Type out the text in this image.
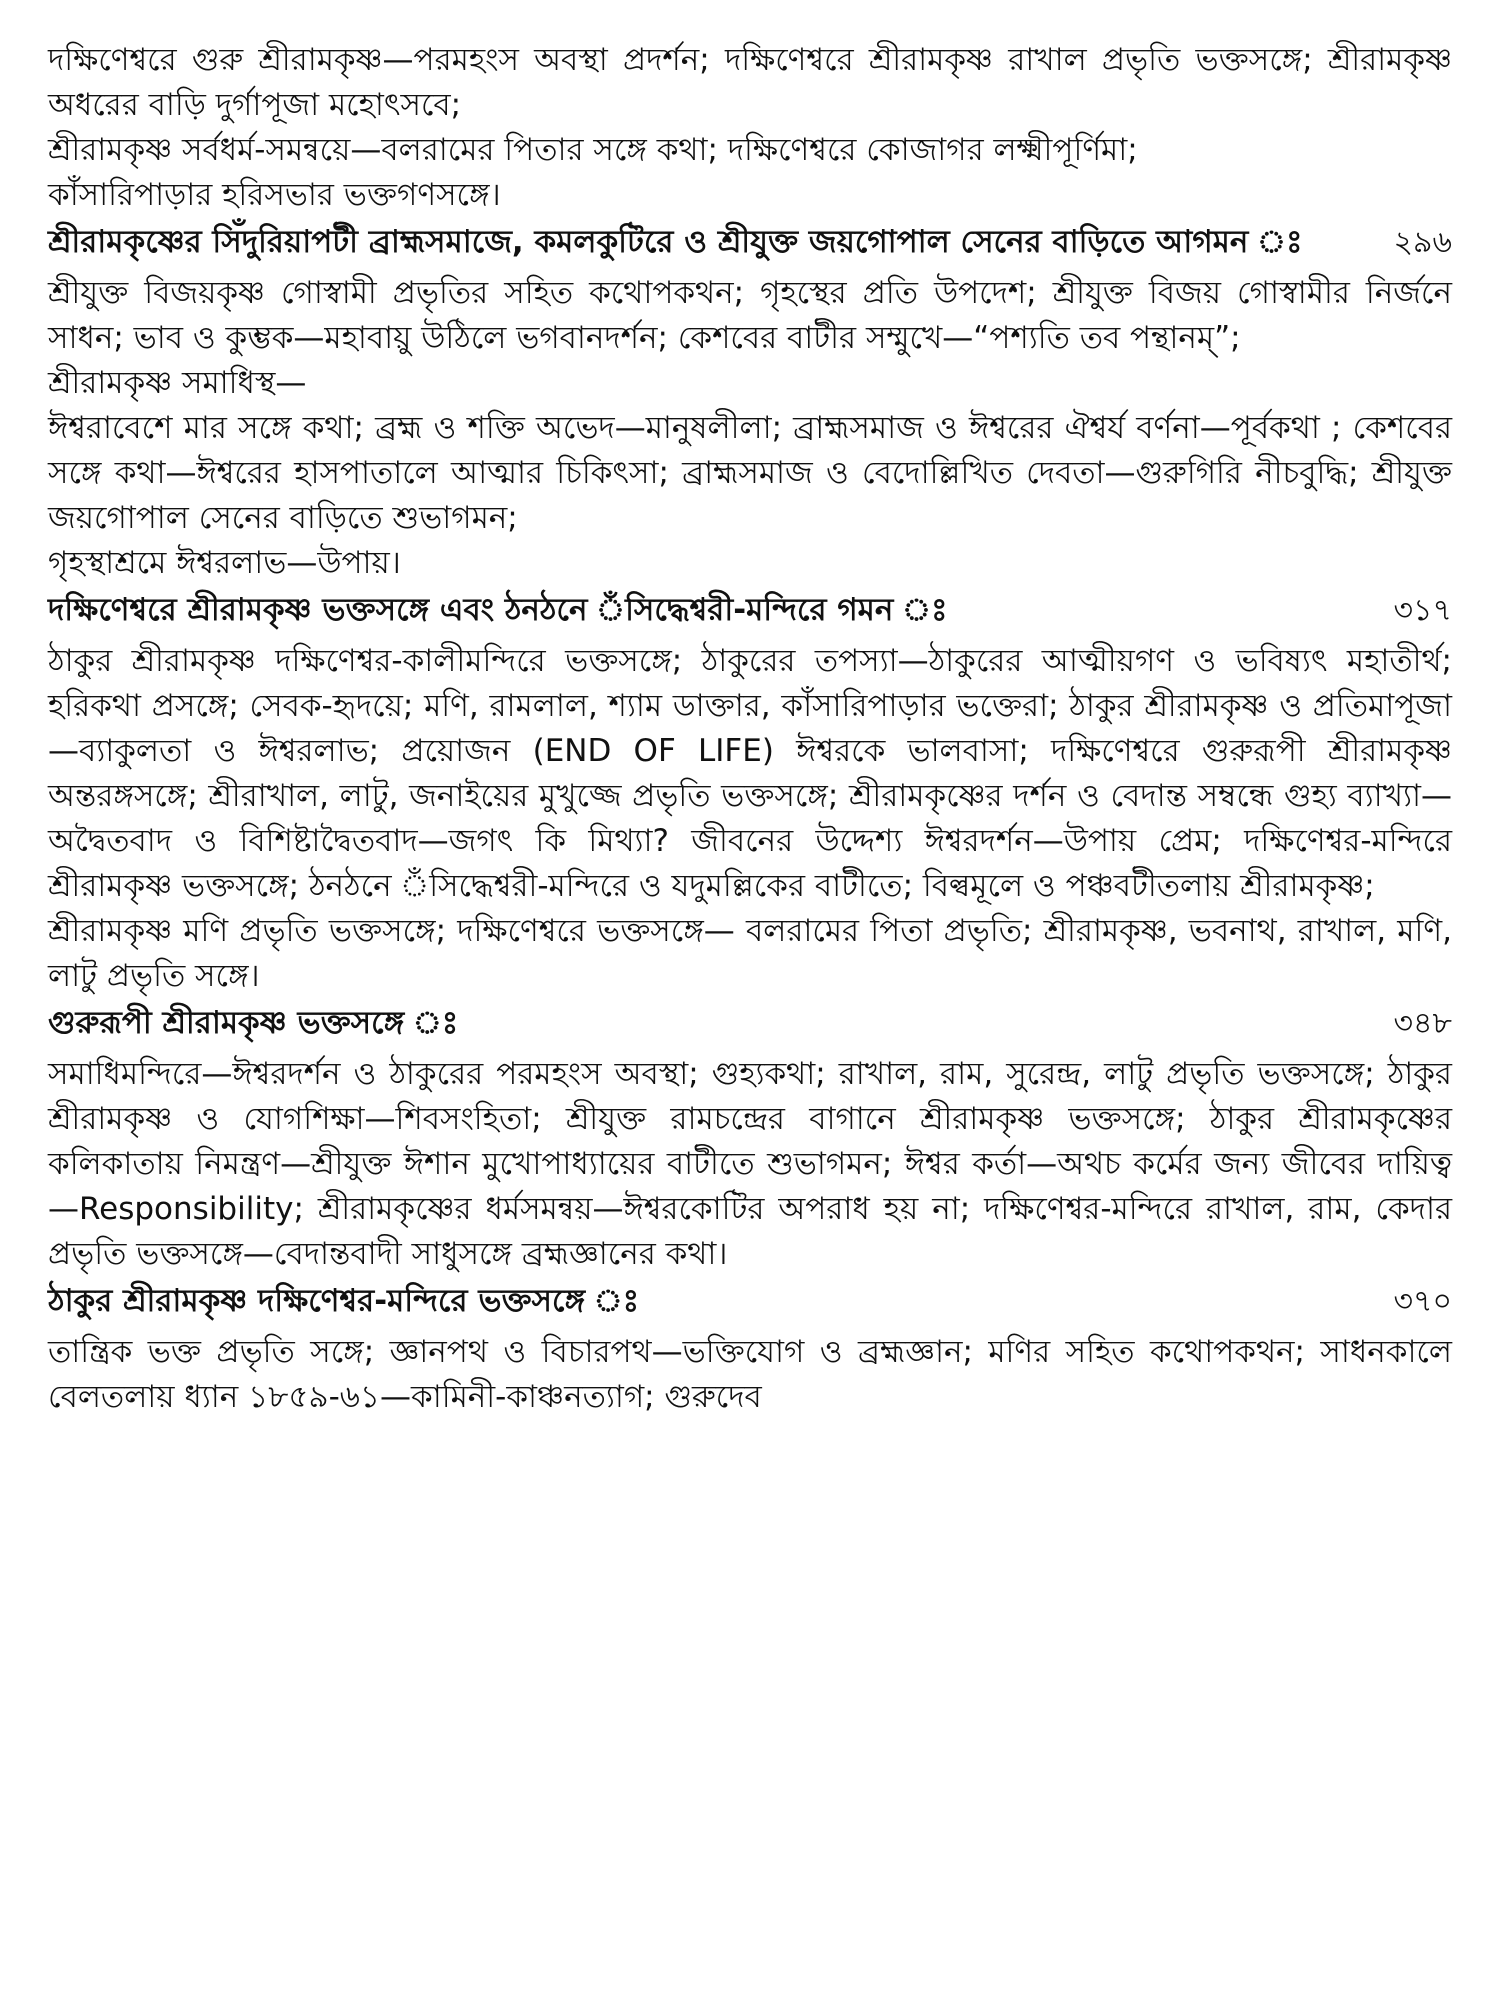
দক্ষিণেশ্বরে গুরু শ্রীরামকৃষ্ণ—পরমহংস অবস্থা প্রদর্শন; দক্ষিণেশ্বরে শ্রীরামকৃষ্ণ রাখাল প্রভৃতি ভক্তসঙ্গে; শ্রীরামকৃষ্ণ অধরের বাড়ি দুর্গাপূজা মহোৎসবে;

শ্রীরামকৃষ্ণ সর্বধর্ম-সমন্বয়ে—বলরামের পিতার সঙ্গে কথা; দক্ষিণেশ্বরে কোজাগর লক্ষ্মীপূর্ণিমা;

কাঁসারিপাড়ার হরিসভার ভক্তগণসঙ্গে।

২৯৬
শ্রীরামকৃষ্ণের সিঁদুরিয়াপটী ব্রাহ্মসমাজে, কমলকুটিরে ও শ্রীযুক্ত জয়গোপাল সেনের বাড়িতে আগমন ঃ

শ্রীযুক্ত বিজয়কৃষ্ণ গোস্বামী প্রভৃতির সহিত কথোপকথন; গৃহস্থের প্রতি উপদেশ; শ্রীযুক্ত বিজয় গোস্বামীর নির্জনে সাধন; ভাব ও কুম্ভক—মহাবায়ু উঠিলে ভগবানদর্শন; কেশবের বাটীর সম্মুখে—“পশ্যতি তব পন্থানম্”;

শ্রীরামকৃষ্ণ সমাধিস্থ—

ঈশ্বরাবেশে মার সঙ্গে কথা; ব্রহ্ম ও শক্তি অভেদ—মানুষলীলা; ব্রাহ্মসমাজ ও ঈশ্বরের ঐশ্বর্য বর্ণনা—পূর্বকথা ; কেশবের সঙ্গে কথা—ঈশ্বরের হাসপাতালে আত্মার চিকিৎসা; ব্রাহ্মসমাজ ও বেদোল্লিখিত দেবতা—গুরুগিরি নীচবুদ্ধি; শ্রীযুক্ত জয়গোপাল সেনের বাড়িতে শুভাগমন;

গৃহস্থাশ্রমে ঈশ্বরলাভ—উপায়।

৩১৭
দক্ষিণেশ্বরে শ্রীরামকৃষ্ণ ভক্তসঙ্গে এবং ঠনঠনে ঁসিদ্ধেশ্বরী-মন্দিরে গমন ঃ

ঠাকুর শ্রীরামকৃষ্ণ দক্ষিণেশ্বর-কালীমন্দিরে ভক্তসঙ্গে; ঠাকুরের তপস্যা—ঠাকুরের আত্মীয়গণ ও ভবিষ্যৎ মহাতীর্থ; হরিকথা প্রসঙ্গে; সেবক-হৃদয়ে; মণি, রামলাল, শ্যাম ডাক্তার, কাঁসারিপাড়ার ভক্তেরা; ঠাকুর শ্রীরামকৃষ্ণ ও প্রতিমাপূজা—ব্যাকুলতা ও ঈশ্বরলাভ; প্রয়োজন (END OF LIFE) ঈশ্বরকে ভালবাসা; দক্ষিণেশ্বরে গুরুরূপী শ্রীরামকৃষ্ণ অন্তরঙ্গসঙ্গে; শ্রীরাখাল, লাটু, জনাইয়ের মুখুজ্জে প্রভৃতি ভক্তসঙ্গে; শ্রীরামকৃষ্ণের দর্শন ও বেদান্ত সম্বন্ধে গুহ্য ব্যাখ্যা— অদ্বৈতবাদ ও বিশিষ্টাদ্বৈতবাদ—জগৎ কি মিথ্যা? জীবনের উদ্দেশ্য ঈশ্বরদর্শন—উপায় প্রেম; দক্ষিণেশ্বর-মন্দিরে শ্রীরামকৃষ্ণ ভক্তসঙ্গে; ঠনঠনে ঁসিদ্ধেশ্বরী-মন্দিরে ও যদুমল্লিকের বাটীতে; বিল্বমূলে ও পঞ্চবটীতলায় শ্রীরামকৃষ্ণ;

শ্রীরামকৃষ্ণ মণি প্রভৃতি ভক্তসঙ্গে; দক্ষিণেশ্বরে ভক্তসঙ্গে— বলরামের পিতা প্রভৃতি; শ্রীরামকৃষ্ণ, ভবনাথ, রাখাল, মণি, লাটু প্রভৃতি সঙ্গে।

৩৪৮
গুরুরূপী শ্রীরামকৃষ্ণ ভক্তসঙ্গে ঃ

সমাধিমন্দিরে—ঈশ্বরদর্শন ও ঠাকুরের পরমহংস অবস্থা; গুহ্যকথা; রাখাল, রাম, সুরেন্দ্র, লাটু প্রভৃতি ভক্তসঙ্গে; ঠাকুর শ্রীরামকৃষ্ণ ও যোগশিক্ষা—শিবসংহিতা; শ্রীযুক্ত রামচন্দ্রের বাগানে শ্রীরামকৃষ্ণ ভক্তসঙ্গে; ঠাকুর শ্রীরামকৃষ্ণের কলিকাতায় নিমন্ত্রণ—শ্রীযুক্ত ঈশান মুখোপাধ্যায়ের বাটীতে শুভাগমন; ঈশ্বর কর্তা—অথচ কর্মের জন্য জীবের দায়িত্ব—Responsibility; শ্রীরামকৃষ্ণের ধর্মসমন্বয়—ঈশ্বরকোটির অপরাধ হয় না; দক্ষিণেশ্বর-মন্দিরে রাখাল, রাম, কেদার প্রভৃতি ভক্তসঙ্গে—বেদান্তবাদী সাধুসঙ্গে ব্রহ্মজ্ঞানের কথা।

৩৭০
ঠাকুর শ্রীরামকৃষ্ণ দক্ষিণেশ্বর-মন্দিরে ভক্তসঙ্গে ঃ

তান্ত্রিক ভক্ত প্রভৃতি সঙ্গে; জ্ঞানপথ ও বিচারপথ—ভক্তিযোগ ও ব্রহ্মজ্ঞান; মণির সহিত কথোপকথন; সাধনকালে বেলতলায় ধ্যান ১৮৫৯-৬১—কামিনী-কাঞ্চনত্যাগ; গুরুদেব
